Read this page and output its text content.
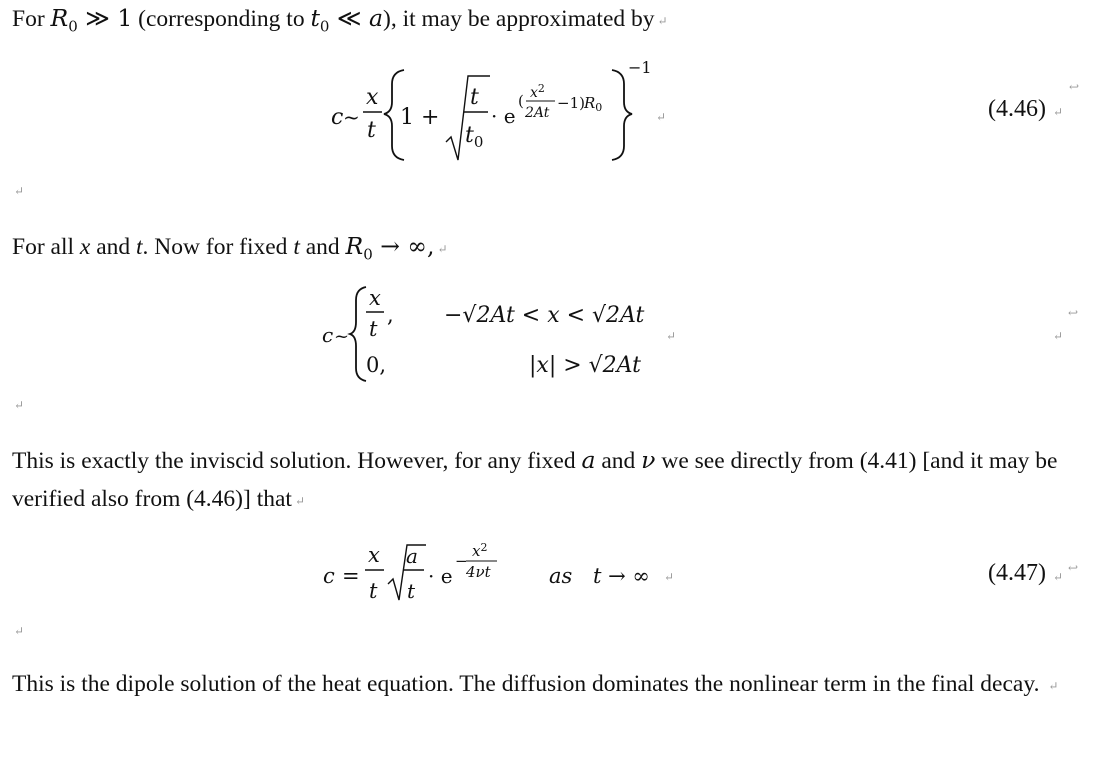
For $R_0$ ≫ 1 (corresponding to $t_0$ ≪ a), it may be approximated by ↵

c ~
x
t
1 +
t
$t_0$
· e
( $x^2$
2At
−1) $R_0$
−1
↵	(4.46) ↵
↩
↵

For all x and t. Now for fixed t and $R_0$ → ∞, ↵

c ~
x
t
, −√2At < x < √2At
0,	|x| > √2At
↵	↵
↩
↵

This is exactly the inviscid solution. However, for any fixed a and ν we see directly from (4.41) [and it may be verified also from (4.46)] that ↵

c =
x
t
a
t
· e
−
$x^2$
4νt	as t → ∞ ↵	(4.47) ↵
↩
↵

This is the dipole solution of the heat equation. The diffusion dominates the nonlinear term in the final decay. ↵
